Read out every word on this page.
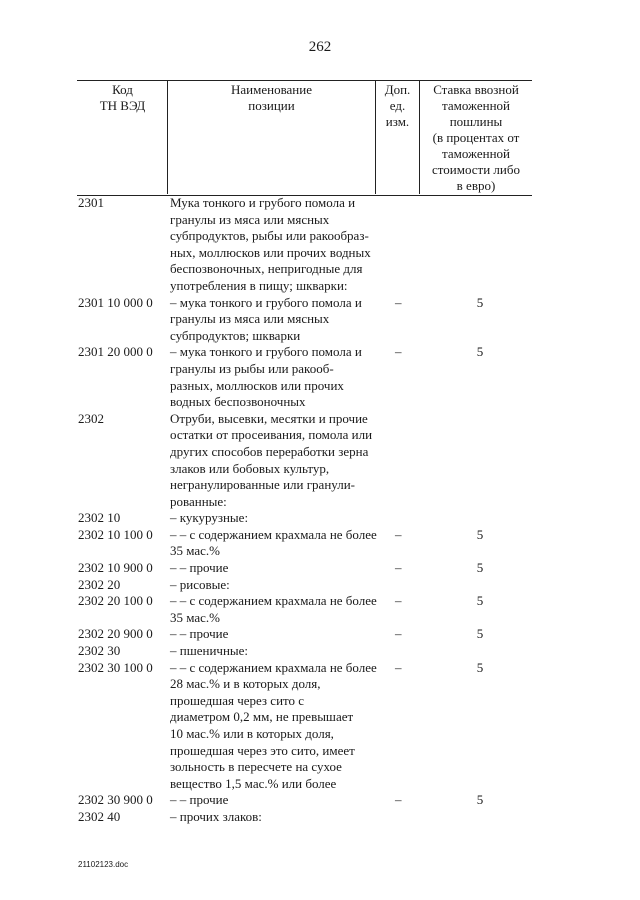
262
Код
ТН ВЭД
Наименование
позиции
Доп.
ед.
изм.
Ставка ввозной
таможенной
пошлины
(в процентах от
таможенной
стоимости либо
в евро)
2301	Мука тонкого и грубого помола и
гранулы из мяса или мясных
субпродуктов, рыбы или ракообраз-
ных, моллюсков или прочих водных
беспозвоночных, непригодные для
употребления в пищу; шкварки:
2301 10 000 0 – мука тонкого и грубого помола и
гранулы из мяса или мясных
субпродуктов; шкварки
–	5
2301 20 000 0 – мука тонкого и грубого помола и
гранулы из рыбы или ракооб-
разных, моллюсков или прочих
водных беспозвоночных
–	5
2302	Отруби, высевки, месятки и прочие
остатки от просеивания, помола или
других способов переработки зерна
злаков или бобовых культур,
негранулированные или гранули-
рованные:
2302 10	– кукурузные:
2302 10 100 0 – – с содержанием крахмала не более
35 мас.%
–	5
2302 10 900 0 – – прочие	–	5
2302 20	– рисовые:
2302 20 100 0 – – с содержанием крахмала не более
35 мас.%
–	5
2302 20 900 0 – – прочие	–	5
2302 30	– пшеничные:
2302 30 100 0 – – с содержанием крахмала не более
28 мас.% и в которых доля,
прошедшая через сито с
диаметром 0,2 мм, не превышает
10 мас.% или в которых доля,
прошедшая через это сито, имеет
зольность в пересчете на сухое
вещество 1,5 мас.% или более
–	5
2302 30 900 0 – – прочие	–	5
2302 40	– прочих злаков:
21102123.doc
